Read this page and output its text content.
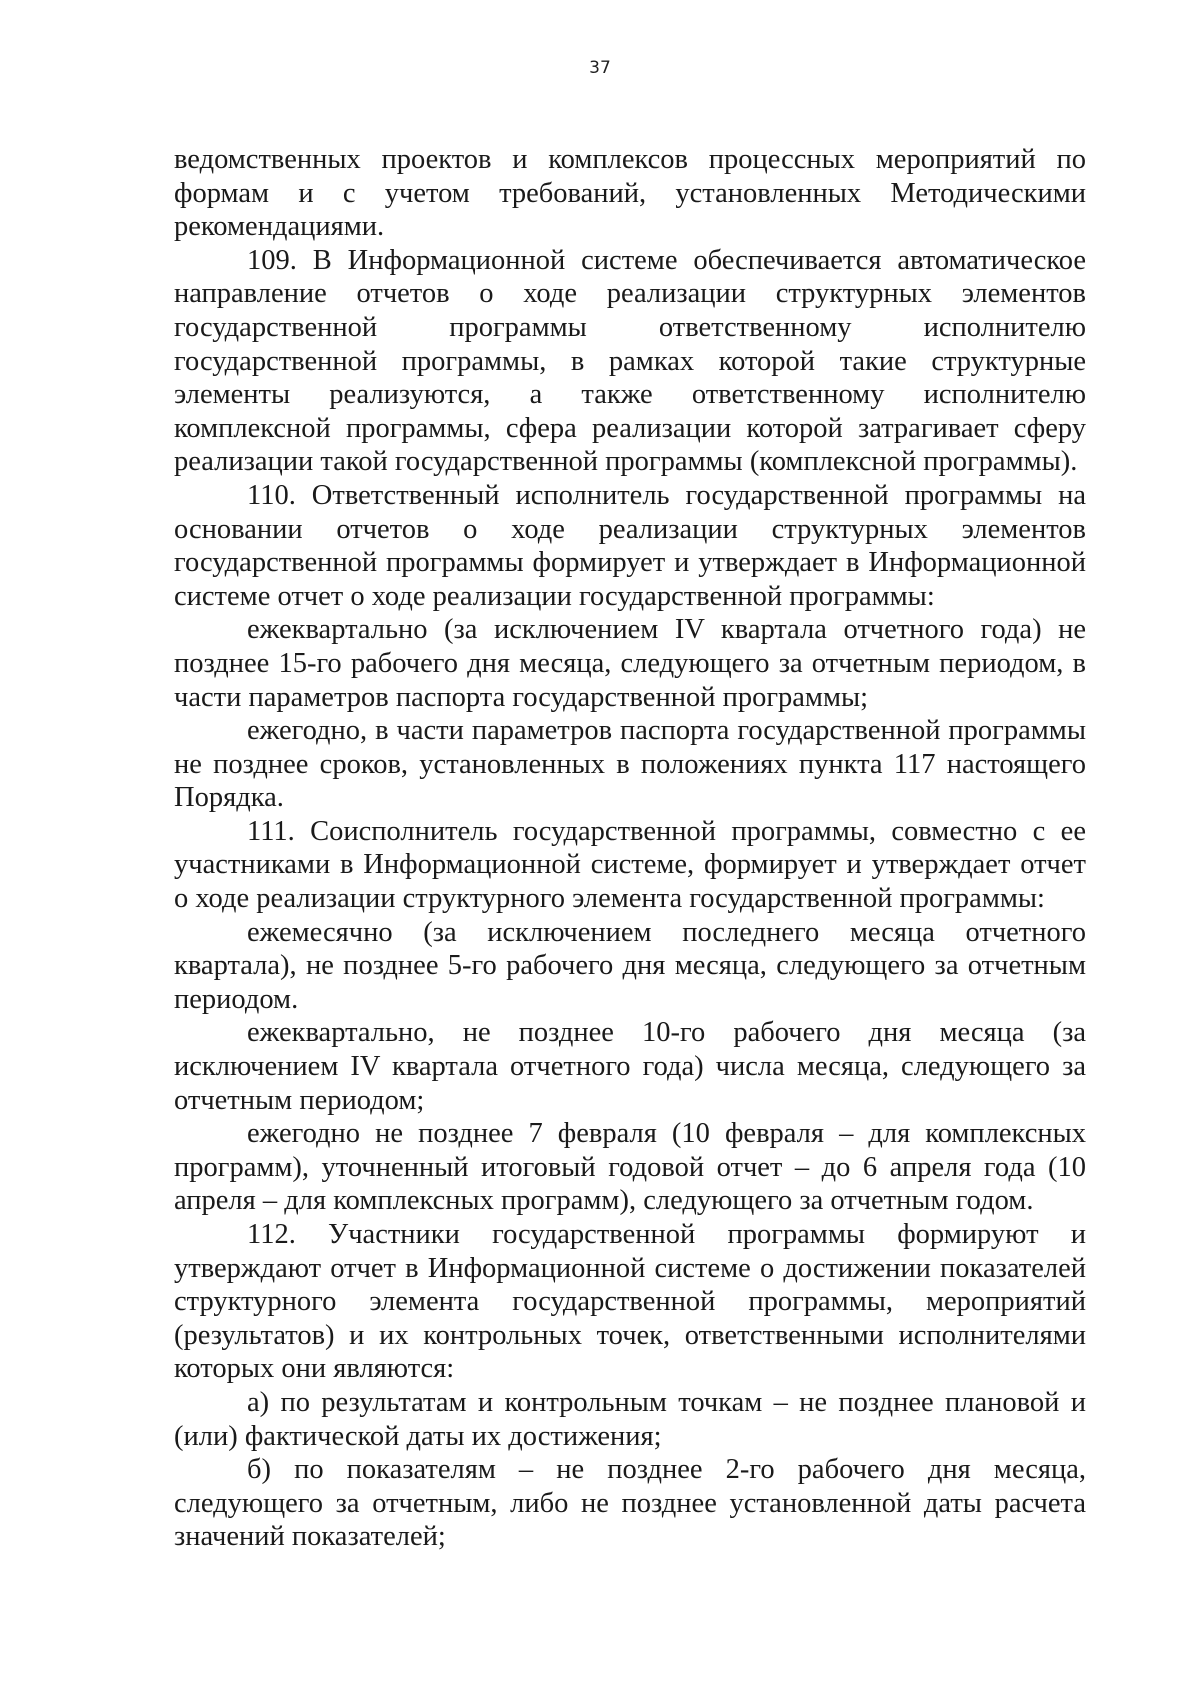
37

ведомственных проектов и комплексов процессных мероприятий по формам и с учетом требований, установленных Методическими рекомендациями.

109. В Информационной системе обеспечивается автоматическое направление отчетов о ходе реализации структурных элементов государственной программы ответственному исполнителю государственной программы, в рамках которой такие структурные элементы реализуются, а также ответственному исполнителю комплексной программы, сфера реализации которой затрагивает сферу реализации такой государственной программы (комплексной программы).

110. Ответственный исполнитель государственной программы на основании отчетов о ходе реализации структурных элементов государственной программы формирует и утверждает в Информационной системе отчет о ходе реализации государственной программы:

ежеквартально (за исключением IV квартала отчетного года) не позднее 15-го рабочего дня месяца, следующего за отчетным периодом, в части параметров паспорта государственной программы;

ежегодно, в части параметров паспорта государственной программы не позднее сроков, установленных в положениях пункта 117 настоящего Порядка.

111. Соисполнитель государственной программы, совместно с ее участниками в Информационной системе, формирует и утверждает отчет о ходе реализации структурного элемента государственной программы:

ежемесячно (за исключением последнего месяца отчетного квартала), не позднее 5-го рабочего дня месяца, следующего за отчетным периодом.

ежеквартально, не позднее 10-го рабочего дня месяца (за исключением IV квартала отчетного года) числа месяца, следующего за отчетным периодом;

ежегодно не позднее 7 февраля (10 февраля – для комплексных программ), уточненный итоговый годовой отчет – до 6 апреля года (10 апреля – для комплексных программ), следующего за отчетным годом.

112. Участники государственной программы формируют и утверждают отчет в Информационной системе о достижении показателей структурного элемента государственной программы, мероприятий (результатов) и их контрольных точек, ответственными исполнителями которых они являются:

а) по результатам и контрольным точкам – не позднее плановой и (или) фактической даты их достижения;

б) по показателям – не позднее 2-го рабочего дня месяца, следующего за отчетным, либо не позднее установленной даты расчета значений показателей;
